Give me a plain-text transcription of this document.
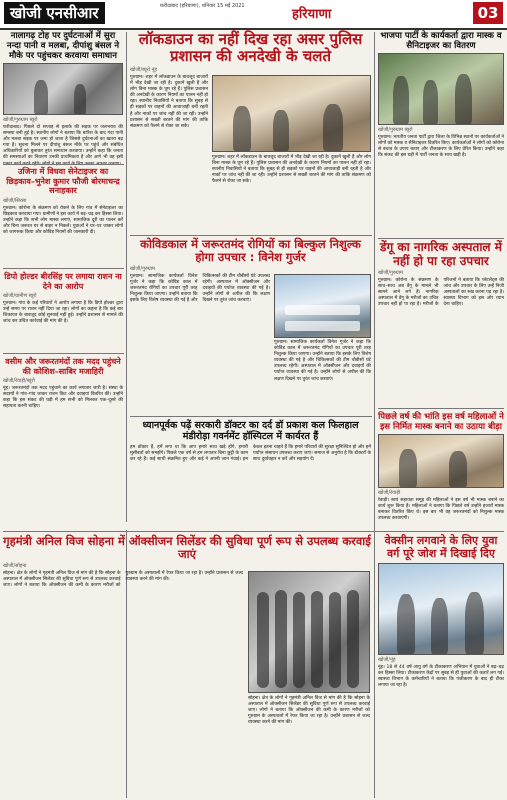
खोजी एनसीआर	फ़रीदाबाद (हरियाणा), शनिवार 15 मई 2021
हरियाणा	03
नालागढ़ टोह पर दुर्घटनाओं में सुरा नन्दा पानी व मलबा, दीपांशु बंसल ने मौके पर पहुंचकर करवाया समाधान
खोजी/गुरुग्राम ब्यूरो
फरीदाबाद। पिछले दो सप्ताह से इलाके की सड़क पर जलभराव की समस्या बनी हुई है। स्थानीय लोगों ने बताया कि बारिश के बाद गंदा पानी और मलबा सड़क पर जमा हो जाता है जिससे दुर्घटनाओं का खतरा बढ़ गया है। सूचना मिलने पर दीपांशु बंसल मौके पर पहुंचे और संबंधित अधिकारियों को बुलाकर तुरंत समाधान करवाया। उन्होंने कहा कि जनता की समस्याओं का निवारण उनकी प्राथमिकता है और आगे भी वह इसी
उजिना में विधवा सेनेटाइजर का छिड़काव–भुनेश कुमार फौजी बोरमाचन्द्र सनाहकार
खोजी/सिरसा
गुरुग्राम। कोरोना के संक्रमण को रोकने के लिए गांव में सेनेटाइजर का छिड़काव करवाया गया। ग्रामीणों ने इस कार्य में बढ़–चढ़ कर हिस्सा लिया। उन्होंने कहा कि सभी लोग मास्क लगाएं, सामाजिक दूरी का पालन करें और बिना जरूरत घर से बाहर न निकलें। युवाओं ने घर–घर जाकर लोगों को जागरूक किया और कोविड नियमों की जानकारी दी।
डिपो होल्डर बीरसिंह पर लगाया राशन ना देने का आरोप
खोजी/ग्रामीण ब्यूरो
गुरुग्राम। गांव के कई परिवारों ने आरोप लगाया है कि डिपो होल्डर द्वारा उन्हें समय पर राशन नहीं दिया जा रहा। लोगों का कहना है कि कई बार शिकायत के बावजूद कोई सुनवाई नहीं हुई। उन्होंने प्रशासन से मामले की जांच कर उचित कार्रवाई की मांग की है।
वसीम और जरूरतमंदों तक मदद पहुंचने की कोशिश–साबिर मजाहिरी
खोजी/रेवाड़ी/ब्यूरो
नूंह। जरूरतमंदों तक मदद पहुंचाने का कार्य लगातार जारी है। संस्था के सदस्यों ने गांव–गांव जाकर राशन किट और दवाइयां वितरित कीं। उन्होंने कहा कि इस संकट की घड़ी में हम सभी को मिलकर एक–दूसरे की सहायता करनी चाहिए।
लॉकडाउन का नहीं दिख रहा असर पुलिस प्रशासन की अनदेखी के चलते
खोजी/ब्यूरो नूंह
गुरुग्राम। शहर में लॉकडाउन के बावजूद बाजारों में भीड़ देखी जा रही है। दुकानें खुली हैं और लोग बिना मास्क के घूम रहे हैं। पुलिस प्रशासन की अनदेखी के कारण नियमों का पालन नहीं हो रहा। स्थानीय निवासियों ने बताया कि सुबह से ही सड़कों पर वाहनों की आवाजाही बनी रहती है और नाकों पर जांच नहीं की जा रही। उन्होंने प्रशासन से सख्ती बरतने की मांग की ताकि संक्रमण को फैलने से रोका जा सके।
गुरुग्राम। शहर में लॉकडाउन के बावजूद बाजारों में भीड़ देखी जा रही है। दुकानें खुली हैं और लोग बिना मास्क के घूम रहे हैं। पुलिस प्रशासन की अनदेखी के कारण नियमों का पालन नहीं हो रहा। स्थानीय निवासियों ने बताया कि सुबह से ही सड़कों पर वाहनों की आवाजाही बनी रहती है और नाकों पर जांच नहीं की जा रही। उन्होंने प्रशासन से सख्ती बरतने की मांग की ताकि संक्रमण को फैलने से रोका जा सके।
कोविडकाल में जरूरतमंद रोगियों का बिल्कुल निशुल्क होगा उपचार : विनेश गुर्जर
खोजी/गुरुग्राम
गुरुग्राम। सामाजिक कार्यकर्ता विनेश गुर्जर ने कहा कि कोविड काल में जरूरतमंद रोगियों का उपचार पूरी तरह निशुल्क किया जाएगा। उन्होंने बताया कि इसके लिए विशेष व्यवस्था की गई है और चिकित्सकों की टीम चौबीसों घंटे उपलब्ध रहेगी। अस्पताल में ऑक्सीजन और दवाइयों की पर्याप्त व्यवस्था की गई है। उन्होंने लोगों से अपील की कि लक्षण दिखने पर तुरंत जांच करवाएं।
गुरुग्राम। सामाजिक कार्यकर्ता विनेश गुर्जर ने कहा कि कोविड काल में जरूरतमंद रोगियों का उपचार पूरी तरह निशुल्क किया जाएगा। उन्होंने बताया कि इसके लिए विशेष व्यवस्था की गई है और चिकित्सकों की टीम चौबीसों घंटे उपलब्ध रहेगी। अस्पताल में ऑक्सीजन और दवाइयों की पर्याप्त व्यवस्था की गई है। उन्होंने लोगों से अपील की कि लक्षण दिखने पर तुरंत जांच करवाएं।
ध्यानपूर्वक पढ़ें सरकारी डॉक्टर का दर्द डॉ प्रकाश कल फिलहाल मंडीरोड़ा गवर्नमेंट हॉस्पिटल में कार्यरत हैं
हम डॉक्टर हैं, हमें लगा था कि आप हमारे साथ खड़े होंगे, हमारी मुसीबतों को समझेंगे। पिछले एक वर्ष से हम लगातार बिना छुट्टी के काम कर रहे हैं। कई साथी संक्रमित हुए और कई ने अपनी जान गंवाई। हम केवल इतना चाहते हैं कि हमारे परिवारों की सुरक्षा सुनिश्चित हो और हमें पर्याप्त संसाधन उपलब्ध कराए जाएं। समाज से अनुरोध है कि डॉक्टरों के साथ दुर्व्यवहार न करें और सहयोग दें।
भाजपा पार्टी के कार्यकर्ता द्वारा मास्क व सैनिटाइजर का वितरण
खोजी/गुरुग्राम ब्यूरो
गुरुग्राम। भारतीय जनता पार्टी द्वारा जिला के विभिन्न स्थानों पर कार्यकर्ताओं ने लोगों को मास्क व सैनिटाइजर वितरित किए। कार्यकर्ताओं ने लोगों को कोरोना से बचाव के उपाय बताए और टीकाकरण के लिए प्रेरित किया। उन्होंने कहा कि संकट की इस घड़ी में पार्टी जनता के साथ खड़ी है।
डेंगू का नागरिक अस्पताल में नहीं हो पा रहा उपचार
खोजी/गुरुग्राम
गुरुग्राम। कोरोना के संक्रमण के साथ–साथ अब डेंगू के मामले भी सामने आने लगे हैं। नागरिक अस्पताल में डेंगू के मरीजों का उचित उपचार नहीं हो पा रहा है। मरीजों के परिजनों ने बताया कि प्लेटलेट्स की जांच और उपचार के लिए उन्हें निजी अस्पतालों का रुख करना पड़ रहा है। स्वास्थ्य विभाग को इस ओर ध्यान देना चाहिए।
पिछले वर्ष की भांति इस वर्ष महिलाओं ने इस निर्मित मास्क बनाने का उठाया बीड़ा
खोजी/रेवाड़ी
रेवाड़ी। स्वयं सहायता समूह की महिलाओं ने इस वर्ष भी मास्क बनाने का कार्य शुरू किया है। महिलाओं ने बताया कि पिछले वर्ष उन्होंने हजारों मास्क बनाकर वितरित किए थे। इस बार भी वह जरूरतमंदों को निशुल्क मास्क उपलब्ध करवाएंगी।
गृहमंत्री अनिल विज सोहना में ऑक्सीजन सिलेंडर की सुविधा पूर्ण रूप से उपलब्ध करवाई जाएं
खोजी/सोहना
सोहना। क्षेत्र के लोगों ने गृहमंत्री अनिल विज से मांग की है कि सोहना के अस्पताल में ऑक्सीजन सिलेंडर की सुविधा पूर्ण रूप से उपलब्ध करवाई जाए। लोगों ने बताया कि ऑक्सीजन की कमी के कारण मरीजों को गुरुग्राम के अस्पतालों में रेफर किया जा रहा है। उन्होंने प्रशासन से जल्द व्यवस्था करने की मांग की।
सोहना। क्षेत्र के लोगों ने गृहमंत्री अनिल विज से मांग की है कि सोहना के अस्पताल में ऑक्सीजन सिलेंडर की सुविधा पूर्ण रूप से उपलब्ध करवाई जाए। लोगों ने बताया कि ऑक्सीजन की कमी के कारण मरीजों को गुरुग्राम के अस्पतालों में रेफर किया जा रहा है। उन्होंने प्रशासन से जल्द व्यवस्था करने की मांग की।
वेक्सीन लगवाने के लिए युवा वर्ग पूरे जोश में दिखाई दिए
खोजी/नूंह
नूंह। 18 से 44 वर्ष आयु वर्ग के टीकाकरण अभियान में युवाओं ने बढ़–चढ़ कर हिस्सा लिया। टीकाकरण केंद्रों पर सुबह से ही युवाओं की कतारें लग गईं। स्वास्थ्य विभाग के कर्मचारियों ने बताया कि पंजीकरण के बाद ही टीका लगाया जा रहा है।
